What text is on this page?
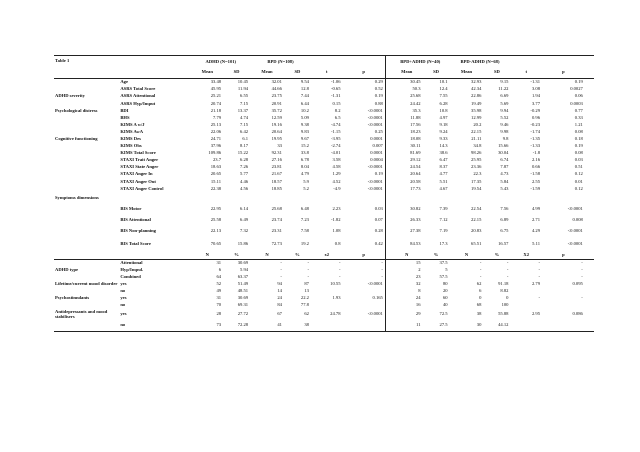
Table 1		ADHD (N=101)		BPD (N=108)					BPD+ADHD (N=40)		BPD-ADHD (N=68)				
		Mean	SD	Mean	SD	t	p		Mean	SD	Mean	SD	t	p	
	Age	33.48	10.45	32.01	9.54	-1.06	0.29		30.45	10.1	32.93	9.15	-1.31	0.19	
	ASRS Total Score	45.95	11.94	44.66	12.8	-0.65	0.52		50.3	12.4	42.34	11.22	3.08	0.0027	
ADHD severity	ASRS Attentional	25.21	6.55	23.75	7.44	-1.31	0.19		25.68	7.55	22.86	6.69	1.94	0.06	
	ASRS Hyp/Imput	20.74	7.15	20.91	6.44	0.15	0.88		24.42	6.28	19.49	5.69	3.77	0.0003	
Psychological distress	BDI	21.18	13.37	35.72	10.2	8.2	<0.0001		35.3	10.8	35.98	9.94	-0.29	0.77	
	BHS	7.79	4.74	12.59	5.09	6.5	<0.0001		11.88	4.97	12.99	5.52	0.96	0.33	
	KIMS A w/J	25.13	7.15	19.16	9.38	-4.74	<0.0001		17.56	9.18	20.2	9.46	-0.23	1.21	
	KIMS AwA	22.06	6.42	20.64	9.83	-1.15	0.25		18.23	9.24	22.15	9.98	-1.74	0.08	
Cognitive functioning	KIMS Des	24.71	6.1	19.95	9.67	-3.95	0.0001		18.08	9.33	21.11	9.8	-1.35	0.18	
	KIMS Obs	37.96	8.17	33	15.2	-2.74	0.007		30.11	14.3	34.8	15.66	-1.33	0.19	
	KIMS Total Score	109.86	15.22	92.31	33.8	-4.01	0.0001		81.69	38.6	98.26	30.04	-1.8	0.08	
	STAXI Trait Anger	23.7	6.28	27.16	6.78	3.58	0.0004		29.12	6.47	25.95	6.74	2.16	0.03	
	STAXI State Anger	18.63	7.26	23.81	8.04	4.58	<0.0001		24.54	8.37	23.36	7.87	0.66	0.51	
	STAXI Anger In	20.65	5.77	21.67	4.79	1.29	0.19		20.64	4.77	22.3	4.73	-1.58	0.12	
	STAXI Anger Out	15.11	4.46	18.57	5.9	4.52	<0.0001		20.58	5.51	17.35	5.84	2.55	0.01	
	STAXI Anger Control	22.38	4.56	18.85	5.2	-4.9	<0.0001		17.73	4.67	19.54	5.43	-1.59	0.12	
Symptoms dimensions															
	BIS Motor	22.95	6.14	25.68	6.48	2.23	0.03		30.82	7.39	22.54	7.56	4.99	<0.0001	
	BIS Attentional	25.58	6.49	23.74	7.23	-1.82	0.07		26.33	7.12	22.15	6.89	2.71	0.008	
	BIS Non-planning	22.13	7.32	23.31	7.58	1.08	0.28		27.38	7.19	20.83	6.75	4.29	<0.0001	
	BIS Total Score	70.65	15.86	72.73	19.2	0.8	0.42		84.53	17.3	65.51	16.57	5.11	<0.0001	
		N	%	N	%	x2	p		N	%	N	%	X2	p	
	Attentional	31	30.69	-	-	-	-		15	37.5	-	-	-	-	
ADHD type	Hyp/Impul.	6	5.94	-	-	-	-		2	5	-	-	-	-	
	Combined	64	63.37	-	-	-	-		23	57.5	-	-	-	-	
Lifetime/current mood disorder	yes	52	51.49	94	87	10.55	<0.0001		32	80	62	91.18	2.79	0.095	
	no	49	48.51	14	13				8	20	6	8.82			
Psychostimulants	yes	31	30.69	24	22.2	1.93	0.165		24	60	0	0	-	-	
	no	70	69.31	84	77.8				16	40	68	100			
Antidepressants and mood stabilisers	yes	28	27.72	67	62	24.78	<0.0001		29	72.5	38	55.88	2.95	0.086	
	no	73	72.28	41	38				11	27.5	30	44.12			
